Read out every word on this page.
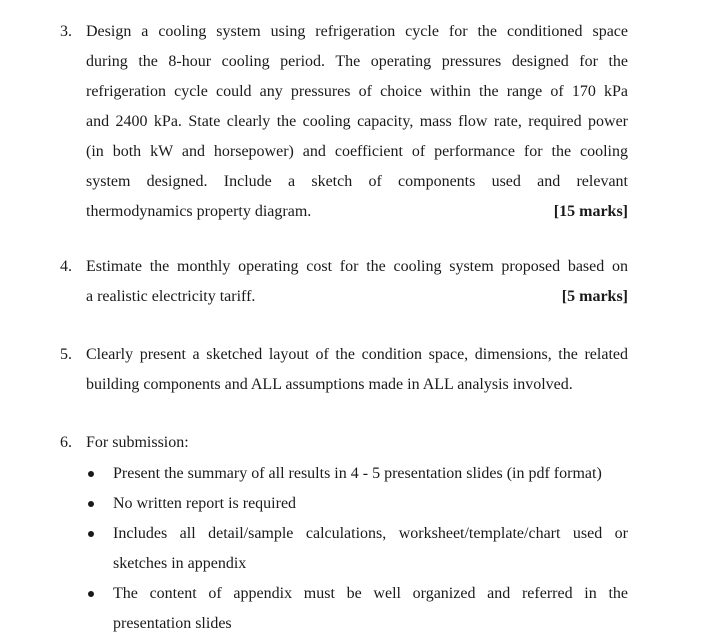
3. Design a cooling system using refrigeration cycle for the conditioned space
during the 8-hour cooling period. The operating pressures designed for the
refrigeration cycle could any pressures of choice within the range of 170 kPa
and 2400 kPa. State clearly the cooling capacity, mass flow rate, required power
(in both kW and horsepower) and coefficient of performance for the cooling
system designed. Include a sketch of components used and relevant
thermodynamics property diagram.	[15 marks]
4. Estimate the monthly operating cost for the cooling system proposed based on
a realistic electricity tariff.	[5 marks]
5. Clearly present a sketched layout of the condition space, dimensions, the related
building components and ALL assumptions made in ALL analysis involved.
6. For submission:
Present the summary of all results in 4 - 5 presentation slides (in pdf format)
No written report is required
Includes all detail/sample calculations, worksheet/template/chart used or
sketches in appendix
The content of appendix must be well organized and referred in the
presentation slides
